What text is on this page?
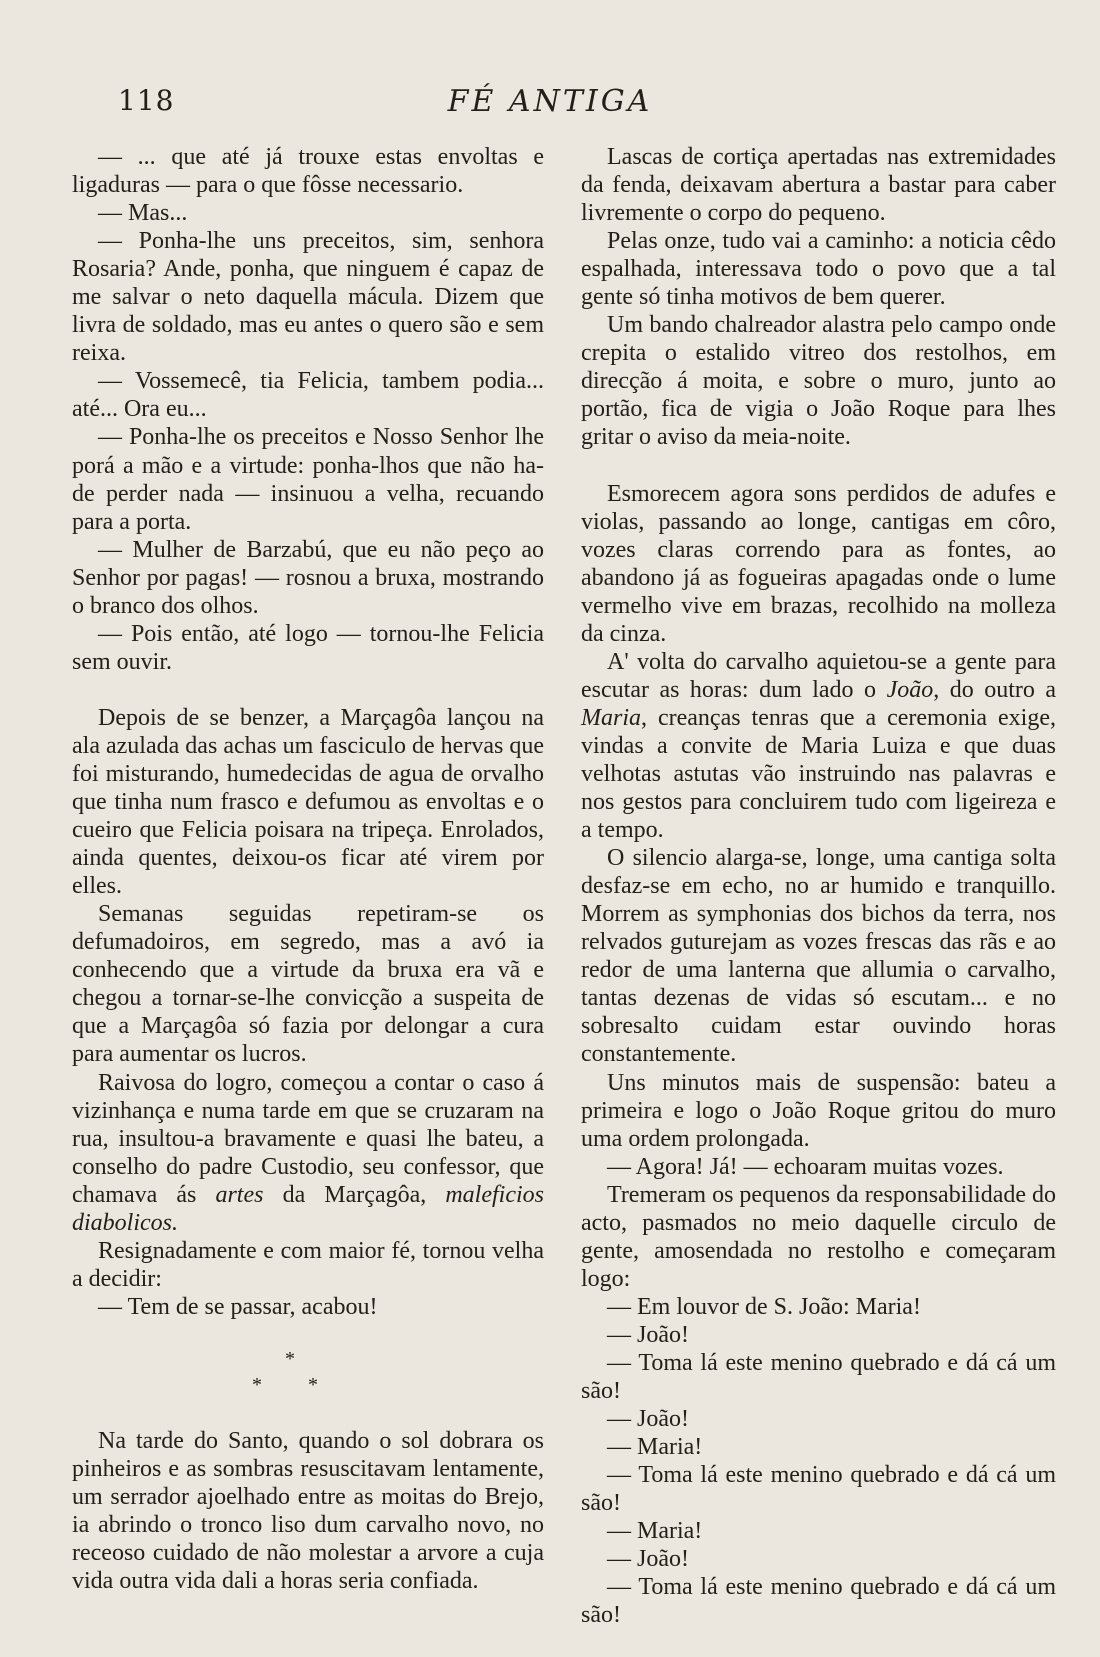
118	FÉ ANTIGA

— ... que até já trouxe estas envoltas e ligaduras — para o que fôsse necessario.

— Mas...

— Ponha-lhe uns preceitos, sim, senhora Rosaria? Ande, ponha, que ninguem é capaz de me salvar o neto daquella mácula. Dizem que livra de soldado, mas eu antes o quero são e sem reixa.

— Vossemecê, tia Felicia, tambem podia... até... Ora eu...

— Ponha-lhe os preceitos e Nosso Senhor lhe porá a mão e a virtude: ponha-lhos que não ha-de perder nada — insinuou a velha, recuando para a porta.

— Mulher de Barzabú, que eu não peço ao Senhor por pagas! — rosnou a bruxa, mostrando o branco dos olhos.

— Pois então, até logo — tornou-lhe Felicia sem ouvir.

Depois de se benzer, a Marçagôa lançou na ala azulada das achas um fasciculo de hervas que foi misturando, humedecidas de agua de orvalho que tinha num frasco e defumou as envoltas e o cueiro que Felicia poisara na tripeça. Enrolados, ainda quentes, deixou-os ficar até virem por elles.

Semanas seguidas repetiram-se os defumadoiros, em segredo, mas a avó ia conhecendo que a virtude da bruxa era vã e chegou a tornar-se-lhe convicção a suspeita de que a Marçagôa só fazia por delongar a cura para aumentar os lucros.

Raivosa do logro, começou a contar o caso á vizinhança e numa tarde em que se cruzaram na rua, insultou-a bravamente e quasi lhe bateu, a conselho do padre Custodio, seu confessor, que chamava ás artes da Marçagôa, maleficios diabolicos.

Resignadamente e com maior fé, tornou velha a decidir:

— Tem de se passar, acabou!

*
* *

Na tarde do Santo, quando o sol dobrara os pinheiros e as sombras resuscitavam lentamente, um serrador ajoelhado entre as moitas do Brejo, ia abrindo o tronco liso dum carvalho novo, no receoso cuidado de não molestar a arvore a cuja vida outra vida dali a horas seria confiada.

Lascas de cortiça apertadas nas extremidades da fenda, deixavam abertura a bastar para caber livremente o corpo do pequeno.

Pelas onze, tudo vai a caminho: a noticia cêdo espalhada, interessava todo o povo que a tal gente só tinha motivos de bem querer.

Um bando chalreador alastra pelo campo onde crepita o estalido vitreo dos restolhos, em direcção á moita, e sobre o muro, junto ao portão, fica de vigia o João Roque para lhes gritar o aviso da meia-noite.

Esmorecem agora sons perdidos de adufes e violas, passando ao longe, cantigas em côro, vozes claras correndo para as fontes, ao abandono já as fogueiras apagadas onde o lume vermelho vive em brazas, recolhido na molleza da cinza.

A' volta do carvalho aquietou-se a gente para escutar as horas: dum lado o João, do outro a Maria, creanças tenras que a ceremonia exige, vindas a convite de Maria Luiza e que duas velhotas astutas vão instruindo nas palavras e nos gestos para concluirem tudo com ligeireza e a tempo.

O silencio alarga-se, longe, uma cantiga solta desfaz-se em echo, no ar humido e tranquillo. Morrem as symphonias dos bichos da terra, nos relvados guturejam as vozes frescas das rãs e ao redor de uma lanterna que allumia o carvalho, tantas dezenas de vidas só escutam... e no sobresalto cuidam estar ouvindo horas constantemente.

Uns minutos mais de suspensão: bateu a primeira e logo o João Roque gritou do muro uma ordem prolongada.

— Agora! Já! — echoaram muitas vozes.

Tremeram os pequenos da responsabilidade do acto, pasmados no meio daquelle circulo de gente, amosendada no restolho e começaram logo:

— Em louvor de S. João: Maria!

— João!

— Toma lá este menino quebrado e dá cá um são!

— João!

— Maria!

— Toma lá este menino quebrado e dá cá um são!

— Maria!

— João!

— Toma lá este menino quebrado e dá cá um são!
